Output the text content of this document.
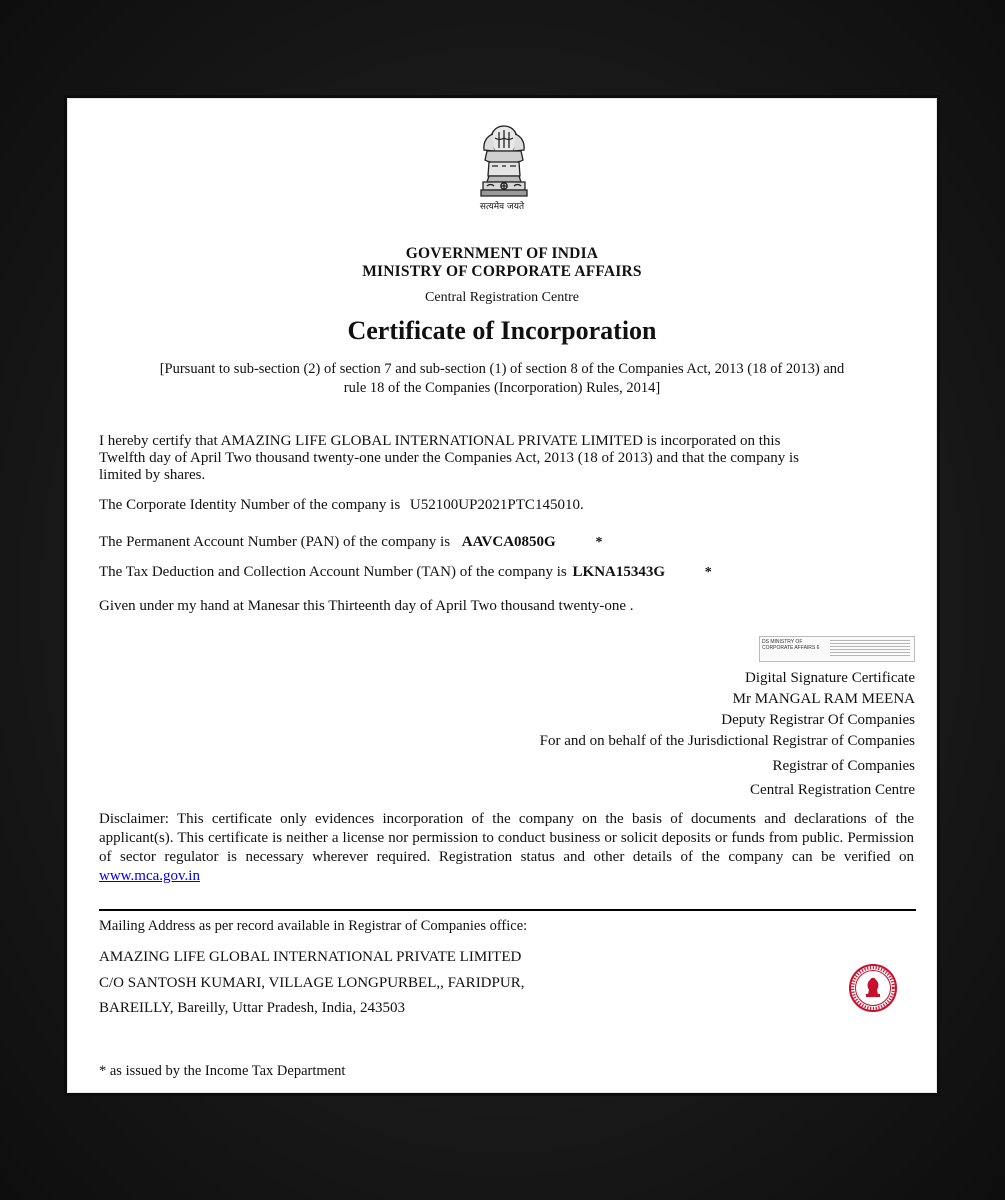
सत्यमेव जयते
GOVERNMENT OF INDIA
MINISTRY OF CORPORATE AFFAIRS
Central Registration Centre
Certificate of Incorporation
[Pursuant to sub-section (2) of section 7 and sub-section (1) of section 8 of the Companies Act, 2013 (18 of 2013) and
rule 18 of the Companies (Incorporation) Rules, 2014]
I hereby certify that AMAZING LIFE GLOBAL INTERNATIONAL PRIVATE LIMITED is incorporated on this
Twelfth day of April Two thousand twenty-one under the Companies Act, 2013 (18 of 2013) and that the company is
limited by shares.
The Corporate Identity Number of the company is U52100UP2021PTC145010.
The Permanent Account Number (PAN) of the company is AAVCA0850G	*
The Tax Deduction and Collection Account Number (TAN) of the company is LKNA15343G	*
Given under my hand at Manesar this Thirteenth day of April Two thousand twenty-one .
DS MINISTRY OF
CORPORATE AFFAIRS 6
Digital Signature Certificate
Mr MANGAL RAM MEENA
Deputy Registrar Of Companies
For and on behalf of the Jurisdictional Registrar of Companies
Registrar of Companies
Central Registration Centre
Disclaimer: This certificate only evidences incorporation of the company on the basis of documents and declarations of the applicant(s). This certificate is neither a license nor permission to conduct business or solicit deposits or funds from public. Permission of sector regulator is necessary wherever required. Registration status and other details of the company can be verified on www.mca.gov.in
Mailing Address as per record available in Registrar of Companies office:
AMAZING LIFE GLOBAL INTERNATIONAL PRIVATE LIMITED
C/O SANTOSH KUMARI, VILLAGE LONGPURBEL,, FARIDPUR,
BAREILLY, Bareilly, Uttar Pradesh, India, 243503
* as issued by the Income Tax Department
